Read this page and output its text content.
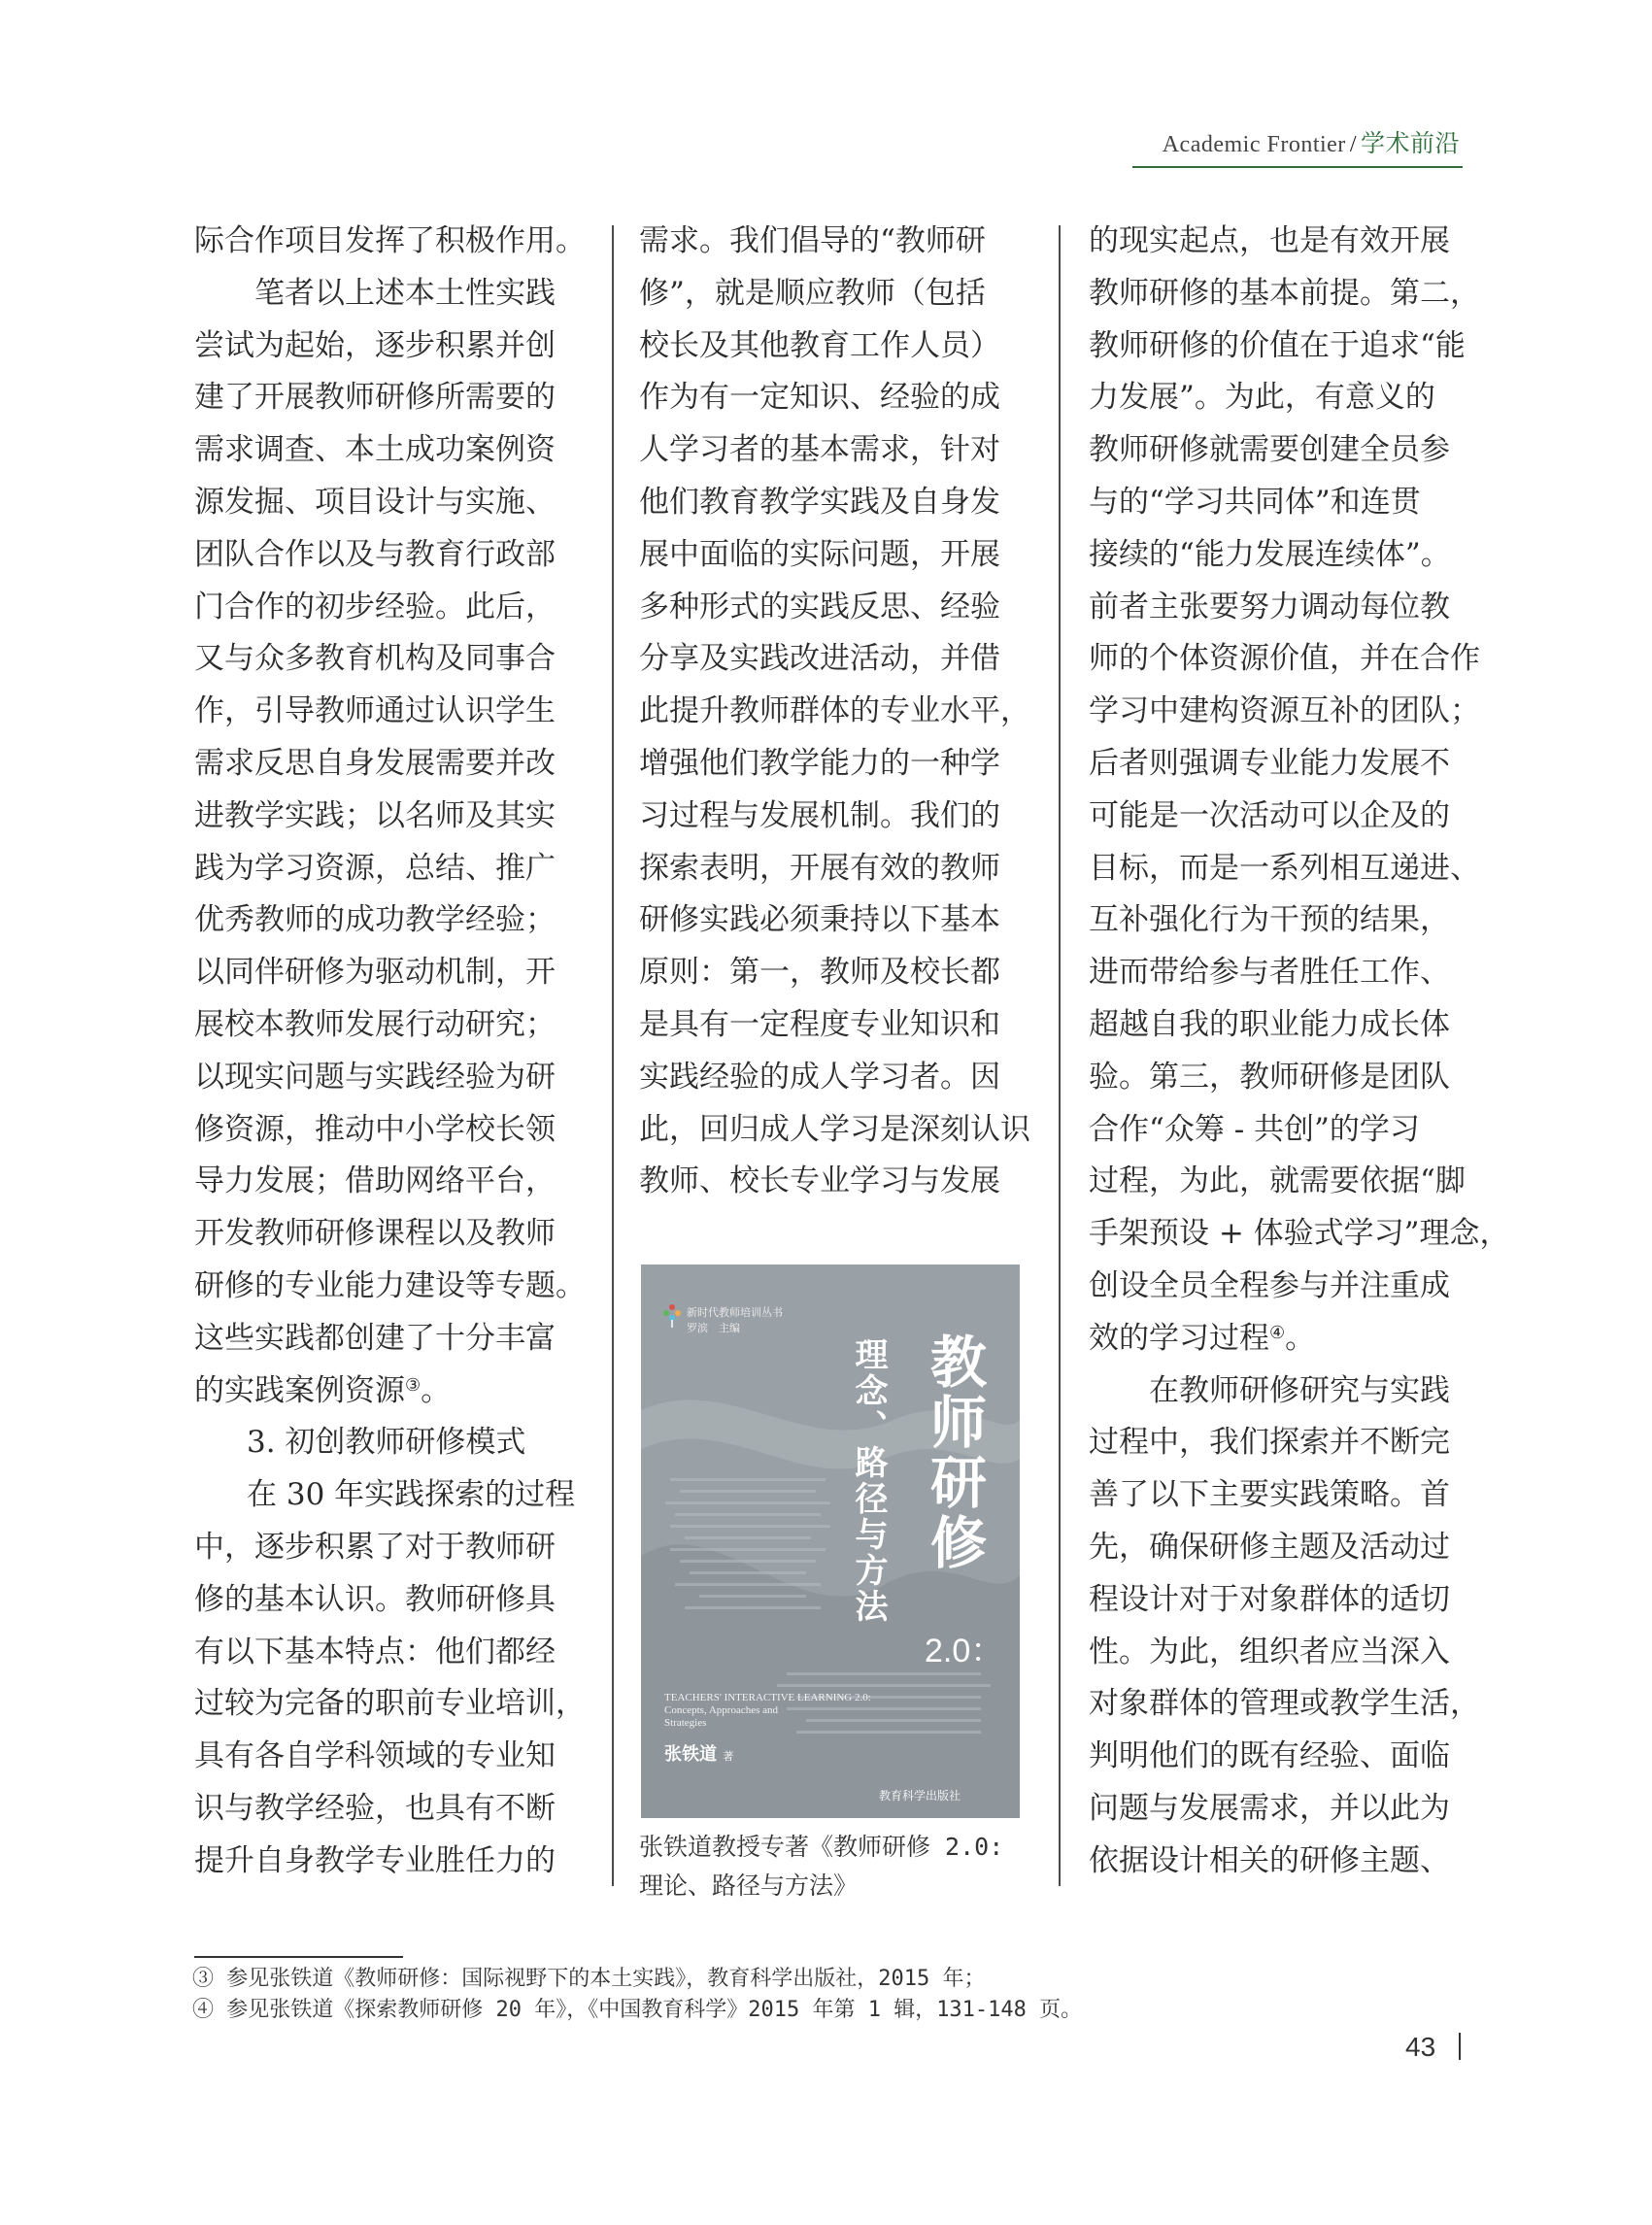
Academic Frontier / 学术前沿

际合作项目发挥了积极作用。

笔者以上述本土性实践

尝试为起始，逐步积累并创

建了开展教师研修所需要的

需求调查、本土成功案例资

源发掘、项目设计与实施、

团队合作以及与教育行政部

门合作的初步经验。此后，

又与众多教育机构及同事合

作，引导教师通过认识学生

需求反思自身发展需要并改

进教学实践；以名师及其实

践为学习资源，总结、推广

优秀教师的成功教学经验；

以同伴研修为驱动机制，开

展校本教师发展行动研究；

以现实问题与实践经验为研

修资源，推动中小学校长领

导力发展；借助网络平台，

开发教师研修课程以及教师

研修的专业能力建设等专题。

这些实践都创建了十分丰富

的实践案例资源③。

3. 初创教师研修模式

在 30 年实践探索的过程

中，逐步积累了对于教师研

修的基本认识。教师研修具

有以下基本特点：他们都经

过较为完备的职前专业培训，

具有各自学科领域的专业知

识与教学经验，也具有不断

提升自身教学专业胜任力的

需求。我们倡导的“教师研

修”，就是顺应教师（包括

校长及其他教育工作人员）

作为有一定知识、经验的成

人学习者的基本需求，针对

他们教育教学实践及自身发

展中面临的实际问题，开展

多种形式的实践反思、经验

分享及实践改进活动，并借

此提升教师群体的专业水平，

增强他们教学能力的一种学

习过程与发展机制。我们的

探索表明，开展有效的教师

研修实践必须秉持以下基本

原则：第一，教师及校长都

是具有一定程度专业知识和

实践经验的成人学习者。因

此，回归成人学习是深刻认识

教师、校长专业学习与发展

新时代教师培训丛书
罗滨　主编
教师研修
2.0：
理念、路径与方法
TEACHERS' INTERACTIVE LEARNING 2.0:
Concepts, Approaches and
Strategies
张铁道 著
教育科学出版社

张铁道教授专著《教师研修 2.0:

理论、路径与方法》

的现实起点，也是有效开展

教师研修的基本前提。第二，

教师研修的价值在于追求“能

力发展”。为此，有意义的

教师研修就需要创建全员参

与的“学习共同体”和连贯

接续的“能力发展连续体”。

前者主张要努力调动每位教

师的个体资源价值，并在合作

学习中建构资源互补的团队；

后者则强调专业能力发展不

可能是一次活动可以企及的

目标，而是一系列相互递进、

互补强化行为干预的结果，

进而带给参与者胜任工作、

超越自我的职业能力成长体

验。第三，教师研修是团队

合作“众筹 - 共创”的学习

过程，为此，就需要依据“脚

手架预设 + 体验式学习”理念，

创设全员全程参与并注重成

效的学习过程④。

在教师研修研究与实践

过程中，我们探索并不断完

善了以下主要实践策略。首

先，确保研修主题及活动过

程设计对于对象群体的适切

性。为此，组织者应当深入

对象群体的管理或教学生活，

判明他们的既有经验、面临

问题与发展需求，并以此为

依据设计相关的研修主题、

③ 参见张铁道《教师研修：国际视野下的本土实践》，教育科学出版社，2015 年；

④ 参见张铁道《探索教师研修 20 年》，《中国教育科学》2015 年第 1 辑，131-148 页。

43
